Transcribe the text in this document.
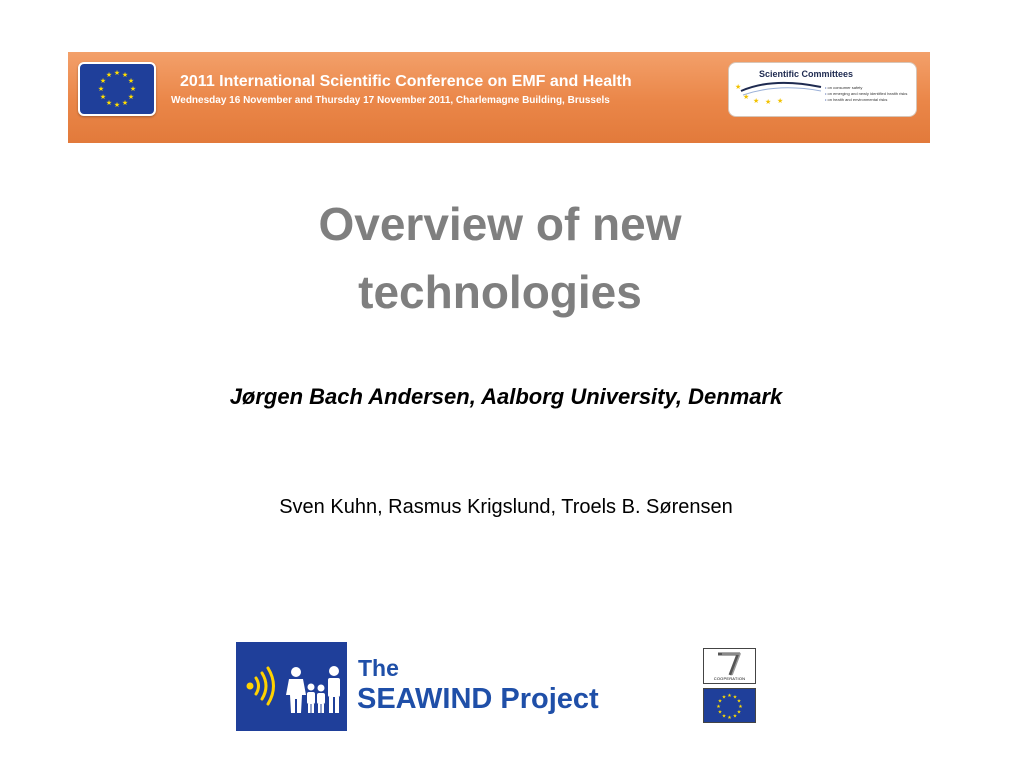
★ ★
★
★
★
★
★
★
★
★
★
★	2011 International Scientific Conference on EMF and Health
Wednesday 16 November and Thursday 17 November 2011, Charlemagne Building, Brussels
★
★ ★ ★ ★
Scientific Committees
• on consumer safety
• on emerging and newly identified health risks
• on health and environmental risks
Overview of new
technologies
Jørgen Bach Andersen, Aalborg University, Denmark
Sven Kuhn, Rasmus Krigslund, Troels B. Sørensen
The
SEAWIND Project
COOPERATION
★ ★
★
★
★
★
★
★
★
★
★
★
